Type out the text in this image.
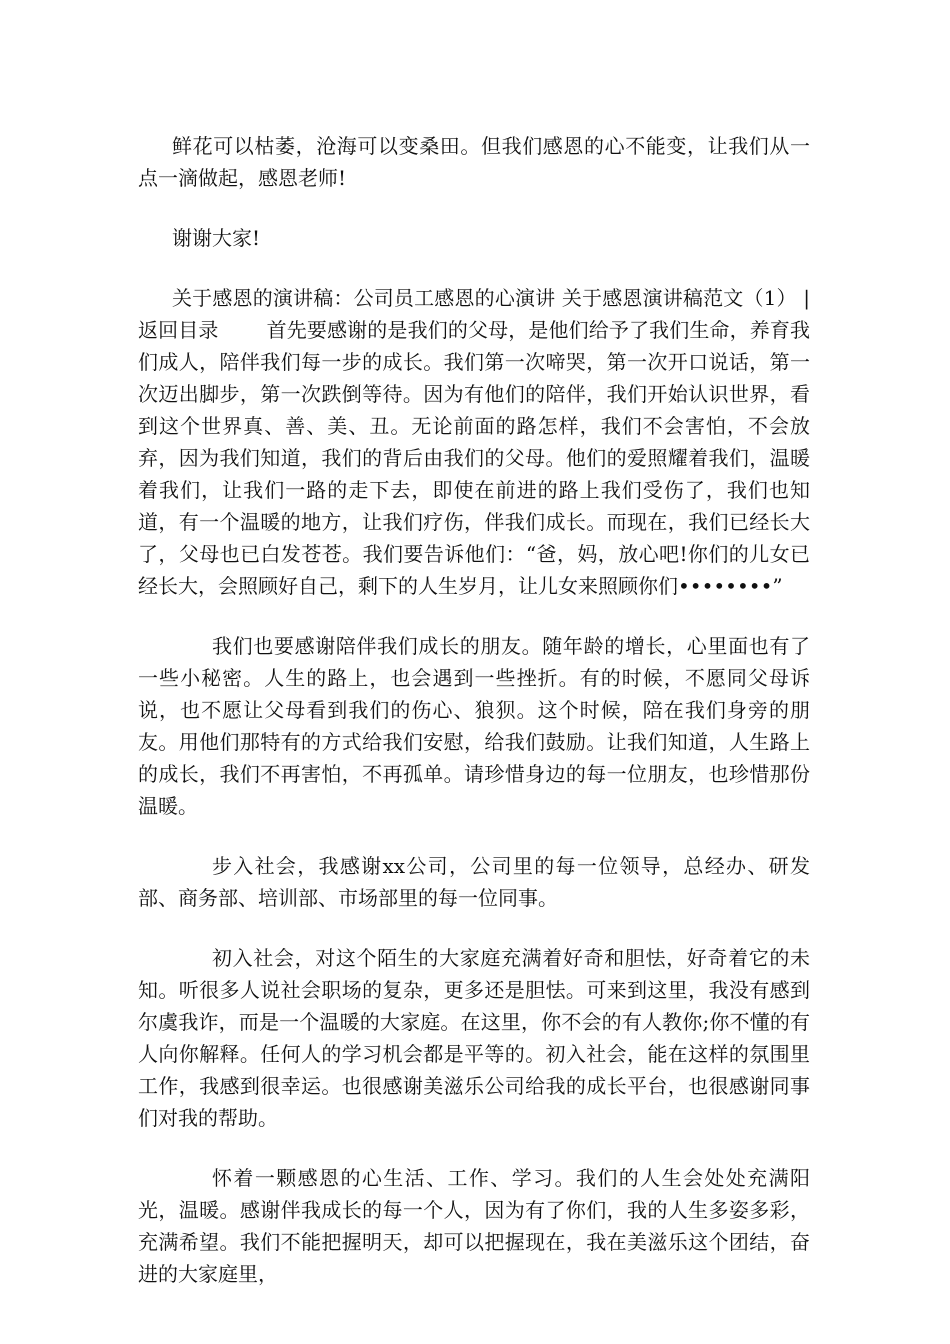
鲜花可以枯萎，沧海可以变桑田。但我们感恩的心不能变，让我们从一点一滴做起，感恩老师!

谢谢大家!

关于感恩的演讲稿：公司员工感恩的心演讲 关于感恩演讲稿范文（1） | 返回目录 首先要感谢的是我们的父母，是他们给予了我们生命，养育我们成人，陪伴我们每一步的成长。我们第一次啼哭，第一次开口说话，第一次迈出脚步，第一次跌倒等待。因为有他们的陪伴，我们开始认识世界，看到这个世界真、善、美、丑。无论前面的路怎样，我们不会害怕，不会放弃，因为我们知道，我们的背后由我们的父母。他们的爱照耀着我们，温暖着我们，让我们一路的走下去，即使在前进的路上我们受伤了，我们也知道，有一个温暖的地方，让我们疗伤，伴我们成长。而现在，我们已经长大了，父母也已白发苍苍。我们要告诉他们：“爸，妈，放心吧!你们的儿女已经长大，会照顾好自己，剩下的人生岁月，让儿女来照顾你们••••••••”

我们也要感谢陪伴我们成长的朋友。随年龄的增长，心里面也有了一些小秘密。人生的路上，也会遇到一些挫折。有的时候，不愿同父母诉说，也不愿让父母看到我们的伤心、狼狈。这个时候，陪在我们身旁的朋友。用他们那特有的方式给我们安慰，给我们鼓励。让我们知道，人生路上的成长，我们不再害怕，不再孤单。请珍惜身边的每一位朋友，也珍惜那份温暖。

步入社会，我感谢xx公司，公司里的每一位领导，总经办、研发部、商务部、培训部、市场部里的每一位同事。

初入社会，对这个陌生的大家庭充满着好奇和胆怯，好奇着它的未知。听很多人说社会职场的复杂，更多还是胆怯。可来到这里，我没有感到尔虞我诈，而是一个温暖的大家庭。在这里，你不会的有人教你;你不懂的有人向你解释。任何人的学习机会都是平等的。初入社会，能在这样的氛围里工作，我感到很幸运。也很感谢美滋乐公司给我的成长平台，也很感谢同事们对我的帮助。

怀着一颗感恩的心生活、工作、学习。我们的人生会处处充满阳光，温暖。感谢伴我成长的每一个人，因为有了你们，我的人生多姿多彩，充满希望。我们不能把握明天，却可以把握现在，我在美滋乐这个团结，奋进的大家庭里，
